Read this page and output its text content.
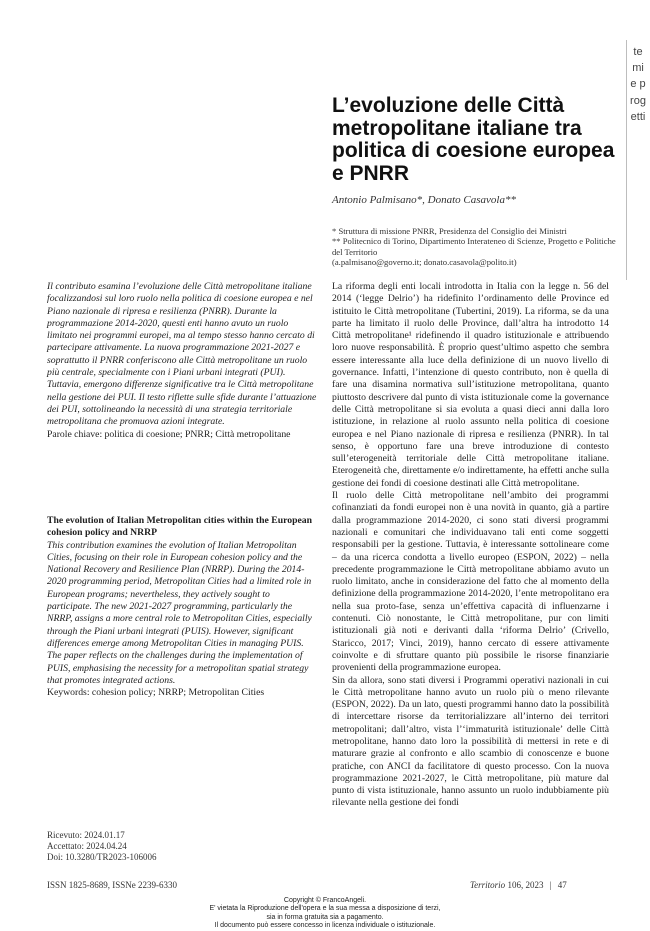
temi e progetti
L’evoluzione delle Città metropolitane italiane tra politica di coesione europea e PNRR
Antonio Palmisano*, Donato Casavola**
* Struttura di missione PNRR, Presidenza del Consiglio dei Ministri
** Politecnico di Torino, Dipartimento Interateneo di Scienze, Progetto e Politiche del Territorio
(a.palmisano@governo.it; donato.casavola@polito.it)
Il contributo esamina l’evoluzione delle Città metropolitane italiane focalizzandosi sul loro ruolo nella politica di coesione europea e nel Piano nazionale di ripresa e resilienza (PNRR). Durante la programmazione 2014-2020, questi enti hanno avuto un ruolo limitato nei programmi europei, ma al tempo stesso hanno cercato di partecipare attivamente. La nuova programmazione 2021-2027 e soprattutto il PNRR conferiscono alle Città metropolitane un ruolo più centrale, specialmente con i Piani urbani integrati (PUI). Tuttavia, emergono differenze significative tra le Città metropolitane nella gestione dei PUI. Il testo riflette sulle sfide durante l’attuazione dei PUI, sottolineando la necessità di una strategia territoriale metropolitana che promuova azioni integrate.
Parole chiave: politica di coesione; PNRR; Città metropolitane
The evolution of Italian Metropolitan cities within the European cohesion policy and NRRP
This contribution examines the evolution of Italian Metropolitan Cities, focusing on their role in European cohesion policy and the National Recovery and Resilience Plan (NRRP). During the 2014-2020 programming period, Metropolitan Cities had a limited role in European programs; nevertheless, they actively sought to participate. The new 2021-2027 programming, particularly the NRRP, assigns a more central role to Metropolitan Cities, especially through the Piani urbani integrati (PUIS). However, significant differences emerge among Metropolitan Cities in managing PUIS. The paper reflects on the challenges during the implementation of PUIS, emphasising the necessity for a metropolitan spatial strategy that promotes integrated actions.
Keywords: cohesion policy; NRRP; Metropolitan Cities

La riforma degli enti locali introdotta in Italia con la legge n. 56 del 2014 (‘legge Delrio’) ha ridefinito l’ordinamento delle Province ed istituito le Città metropolitane (Tubertini, 2019). La riforma, se da una parte ha limitato il ruolo delle Province, dall’altra ha introdotto 14 Città metropolitane¹ ridefinendo il quadro istituzionale e attribuendo loro nuove responsabilità. È proprio quest’ultimo aspetto che sembra essere interessante alla luce della definizione di un nuovo livello di governance. Infatti, l’intenzione di questo contributo, non è quella di fare una disamina normativa sull’istituzione metropolitana, quanto piuttosto descrivere dal punto di vista istituzionale come la governance delle Città metropolitane si sia evoluta a quasi dieci anni dalla loro istituzione, in relazione al ruolo assunto nella politica di coesione europea e nel Piano nazionale di ripresa e resilienza (PNRR). In tal senso, è opportuno fare una breve introduzione di contesto sull’eterogeneità territoriale delle Città metropolitane italiane. Eterogeneità che, direttamente e/o indirettamente, ha effetti anche sulla gestione dei fondi di coesione destinati alle Città metropolitane.

Il ruolo delle Città metropolitane nell’ambito dei programmi cofinanziati da fondi europei non è una novità in quanto, già a partire dalla programmazione 2014-2020, ci sono stati diversi programmi nazionali e comunitari che individuavano tali enti come soggetti responsabili per la gestione. Tuttavia, è interessante sottolineare come – da una ricerca condotta a livello europeo (ESPON, 2022) – nella precedente programmazione le Città metropolitane abbiamo avuto un ruolo limitato, anche in considerazione del fatto che al momento della definizione della programmazione 2014-2020, l’ente metropolitano era nella sua proto-fase, senza un’effettiva capacità di influenzarne i contenuti. Ciò nonostante, le Città metropolitane, pur con limiti istituzionali già noti e derivanti dalla ‘riforma Delrio’ (Crivello, Staricco, 2017; Vinci, 2019), hanno cercato di essere attivamente coinvolte e di sfruttare quanto più possibile le risorse finanziarie provenienti della programmazione europea.

Sin da allora, sono stati diversi i Programmi operativi nazionali in cui le Città metropolitane hanno avuto un ruolo più o meno rilevante (ESPON, 2022). Da un lato, questi programmi hanno dato la possibilità di intercettare risorse da territorializzare all’interno dei territori metropolitani; dall’altro, vista l’‘immaturità istituzionale’ delle Città metropolitane, hanno dato loro la possibilità di mettersi in rete e di maturare grazie al confronto e allo scambio di conoscenze e buone pratiche, con ANCI da facilitatore di questo processo. Con la nuova programmazione 2021-2027, le Città metropolitane, più mature dal punto di vista istituzionale, hanno assunto un ruolo indubbiamente più rilevante nella gestione dei fondi

Ricevuto: 2024.01.17
Accettato: 2024.04.24
Doi: 10.3280/TR2023-106006
ISSN 1825-8689, ISSNe 2239-6330	Territorio 106, 2023 | 47
Copyright © FrancoAngeli.
E' vietata la Riproduzione dell'opera e la sua messa a disposizione di terzi,
sia in forma gratuita sia a pagamento.
Il documento può essere concesso in licenza individuale o istituzionale.
